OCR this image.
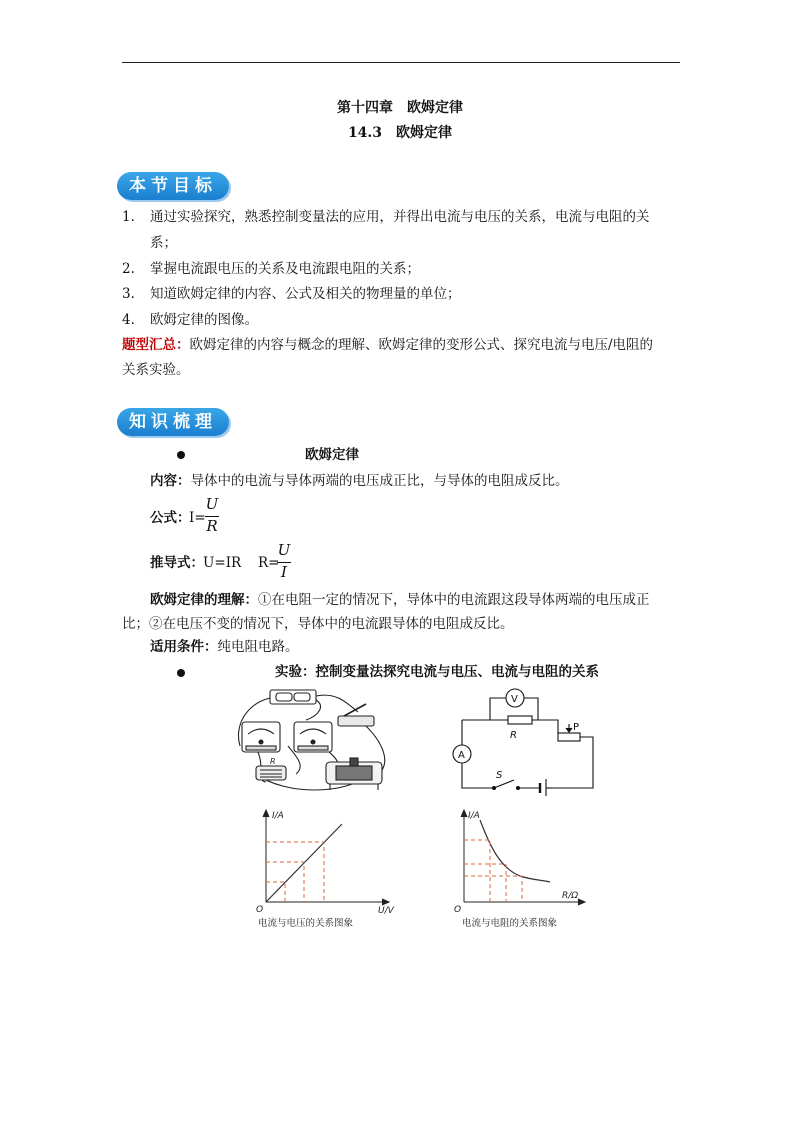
第十四章　欧姆定律
14.3　欧姆定律
本节目标
1.	通过实验探究，熟悉控制变量法的应用，并得出电流与电压的关系，电流与电阻的关
系；
2.	掌握电流跟电压的关系及电流跟电阻的关系；
3.	知道欧姆定律的内容、公式及相关的物理量的单位；
4.	欧姆定律的图像。
题型汇总：欧姆定律的内容与概念的理解、欧姆定律的变形公式、探究电流与电压/电阻的
关系实验。
知识梳理
欧姆定律
内容：导体中的电流与导体两端的电压成正比，与导体的电阻成反比。
公式：
I=
U
R
推导式： U=IR R=
U
I
欧姆定律的理解：①在电阻一定的情况下，导体中的电流跟这段导体两端的电压成正
比；②在电压不变的情况下，导体中的电流跟导体的电阻成反比。
适用条件：纯电阻电路。
实验：控制变量法探究电流与电压、电流与电阻的关系
R
V
A
R
P
S
I/A
U/V
O
电流与电压的关系图象
I/A
R/Ω
O
电流与电阻的关系图象
